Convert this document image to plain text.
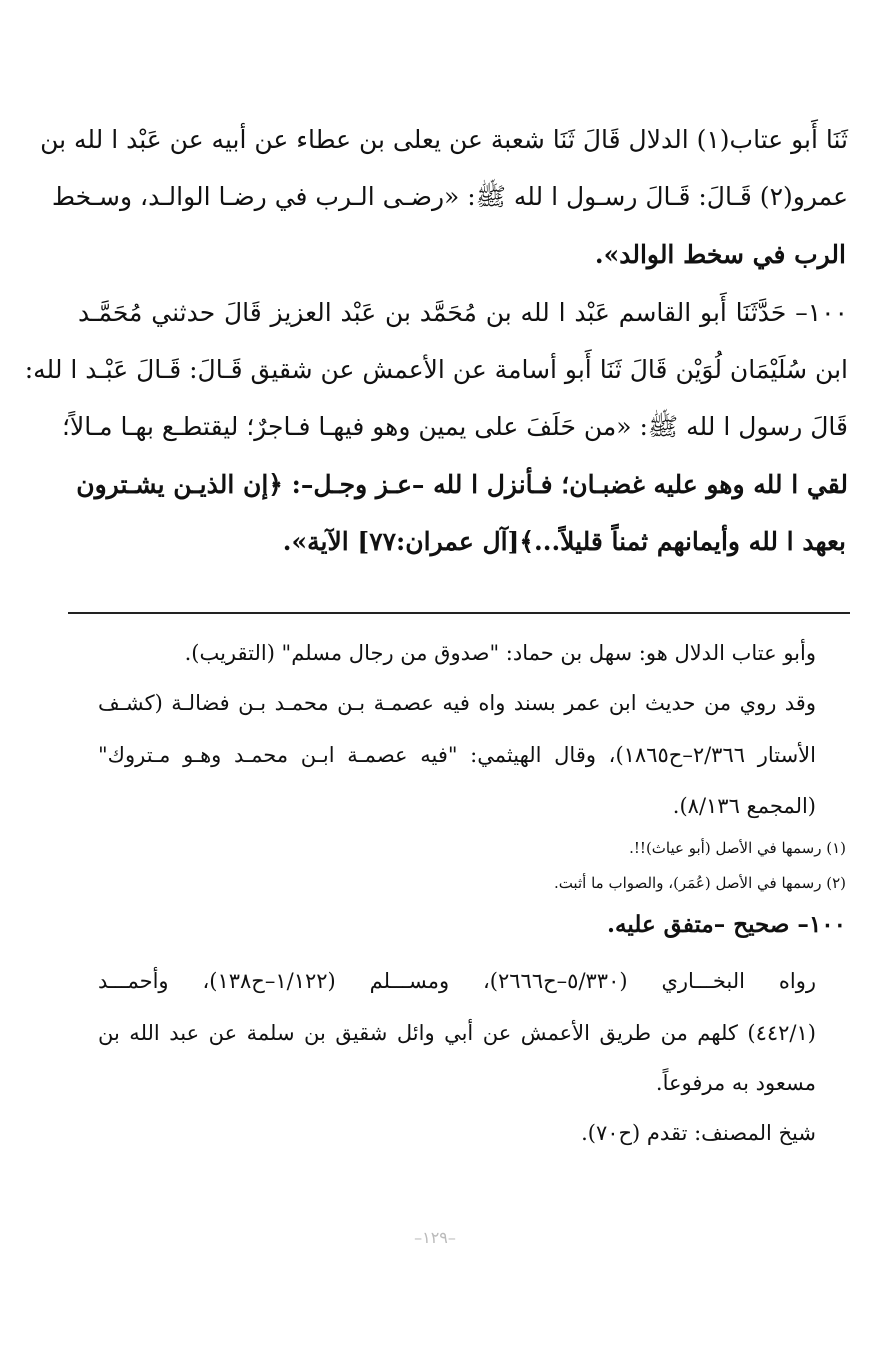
ثَنَا أَبو عتاب(١) الدلال قَالَ ثَنَا شعبة عن يعلى بن عطاء عن أبيه عن عَبْد ا لله بن
عمرو(٢) قَـالَ: قَـالَ رسـول ا لله ﷺ: «رضـى الـرب في رضـا الوالـد، وسـخط
الرب في سخط الوالد».
١٠٠– حَدَّثَنَا أَبو القاسم عَبْد ا لله بن مُحَمَّد بن عَبْد العزيز قَالَ حدثني مُحَمَّـد
ابن سُلَيْمَان لُوَيْن قَالَ ثَنَا أَبو أسامة عن الأعمش عن شقيق قَـالَ: قَـالَ عَبْـد ا لله:
قَالَ رسول ا لله ﷺ: «من حَلَفَ على يمين وهو فيهـا فـاجرٌ؛ ليقتطـع بهـا مـالاً؛
لقي ا لله وهو عليه غضبـان؛ فـأنزل ا لله –عـز وجـل–: ﴿إن الذيـن يشـترون
بعهد ا لله وأيمانهم ثمناً قليلاً...﴾[آل عمران:٧٧] الآية».
وأبو عتاب الدلال هو: سهل بن حماد: "صدوق من رجال مسلم" (التقريب).
وقد روي من حديث ابن عمر بسند واه فيه عصمـة بـن محمـد بـن فضالـة (كشـف
الأستار ٢/٣٦٦–ح١٨٦٥)، وقال الهيثمي: "فيه عصمـة ابـن محمـد وهـو مـتروك"
(المجمع ٨/١٣٦).
(١) رسمها في الأصل (أبو عياث)!!.
(٢) رسمها في الأصل (عُمَر)، والصواب ما أثبت.
١٠٠– صحيح –متفق عليه.
رواه البخـــاري (٥/٣٣٠–ح٢٦٦٦)، ومســـلم (١/١٢٢–ح١٣٨)، وأحمـــد
(٤٤٢/١) كلهم من طريق الأعمش عن أبي وائل شقيق بن سلمة عن عبد الله بن
مسعود به مرفوعاً.
شيخ المصنف: تقدم (ح٧٠).
–١٢٩–
